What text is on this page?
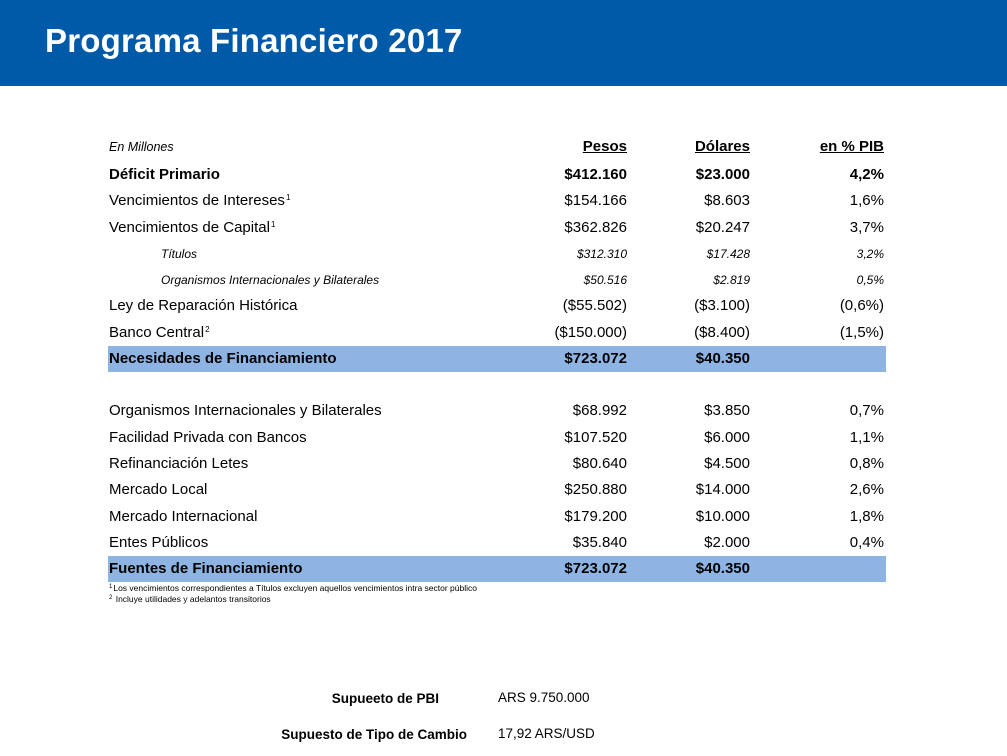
Programa Financiero 2017
En Millones	Pesos	Dólares	en % PIB
Déficit Primario	$412.160	$23.000	4,2%
Vencimientos de Intereses$^1$	$154.166	$8.603	1,6%
Vencimientos de Capital$^1$	$362.826	$20.247	3,7%
Títulos	$312.310	$17.428	3,2%
Organismos Internacionales y Bilaterales	$50.516	$2.819	0,5%
Ley de Reparación Histórica	($55.502)	($3.100)	(0,6%)
Banco Central$^2$	($150.000)	($8.400)	(1,5%)
Necesidades de Financiamiento	$723.072	$40.350
Organismos Internacionales y Bilaterales	$68.992	$3.850	0,7%
Facilidad Privada con Bancos	$107.520	$6.000	1,1%
Refinanciación Letes	$80.640	$4.500	0,8%
Mercado Local	$250.880	$14.000	2,6%
Mercado Internacional	$179.200	$10.000	1,8%
Entes Públicos	$35.840	$2.000	0,4%
Fuentes de Financiamiento	$723.072	$40.350
$^1$Los vencimientos correspondientes a Títulos excluyen aquellos vencimientos intra sector público
$^2$ Incluye utilidades y adelantos transitorios
Supueeto de PBI	ARS 9.750.000
Supuesto de Tipo de Cambio 17,92 ARS/USD
